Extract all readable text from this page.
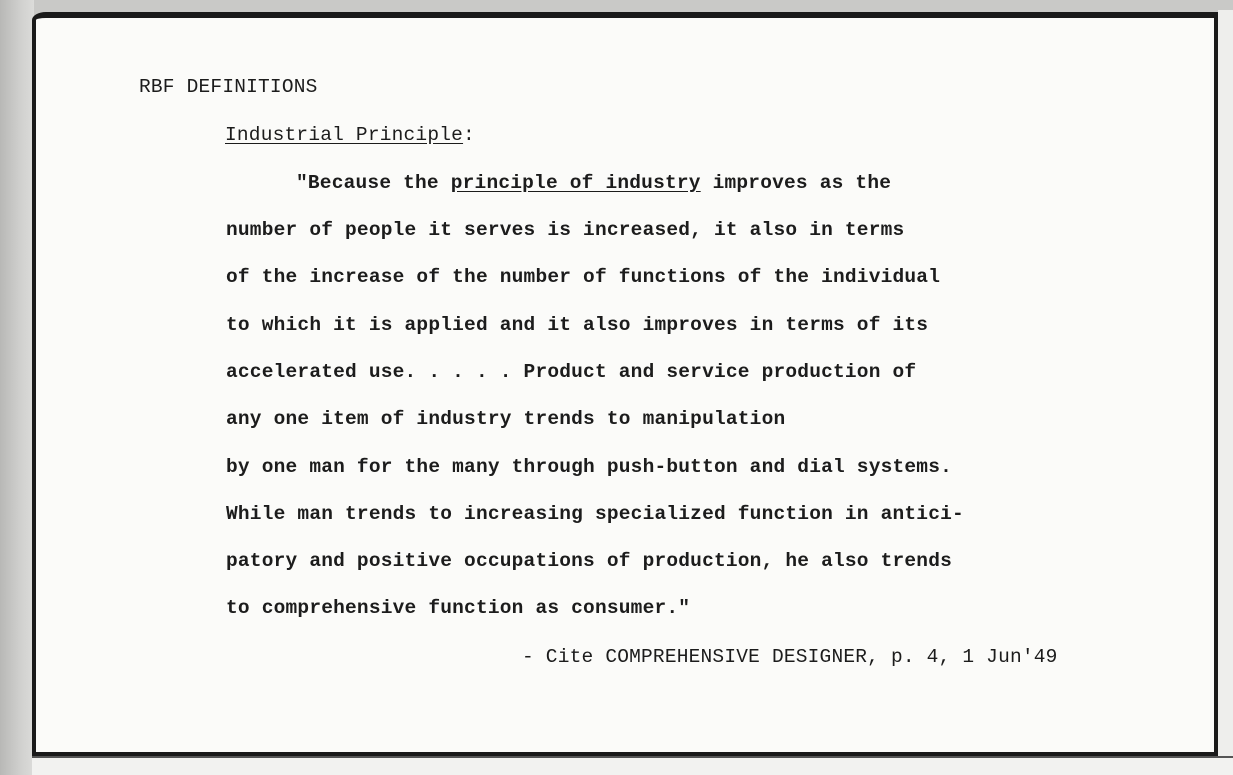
RBF DEFINITIONS
Industrial Principle:
"Because the principle of industry improves as the
number of people it serves is increased, it also in terms
of the increase of the number of functions of the individual
to which it is applied and it also improves in terms of its
accelerated use. . . . . Product and service production of
any one item of industry trends to manipulation
by one man for the many through push-button and dial systems.
While man trends to increasing specialized function in antici-
patory and positive occupations of production, he also trends
to comprehensive function as consumer."
- Cite COMPREHENSIVE DESIGNER, p. 4, 1 Jun'49
